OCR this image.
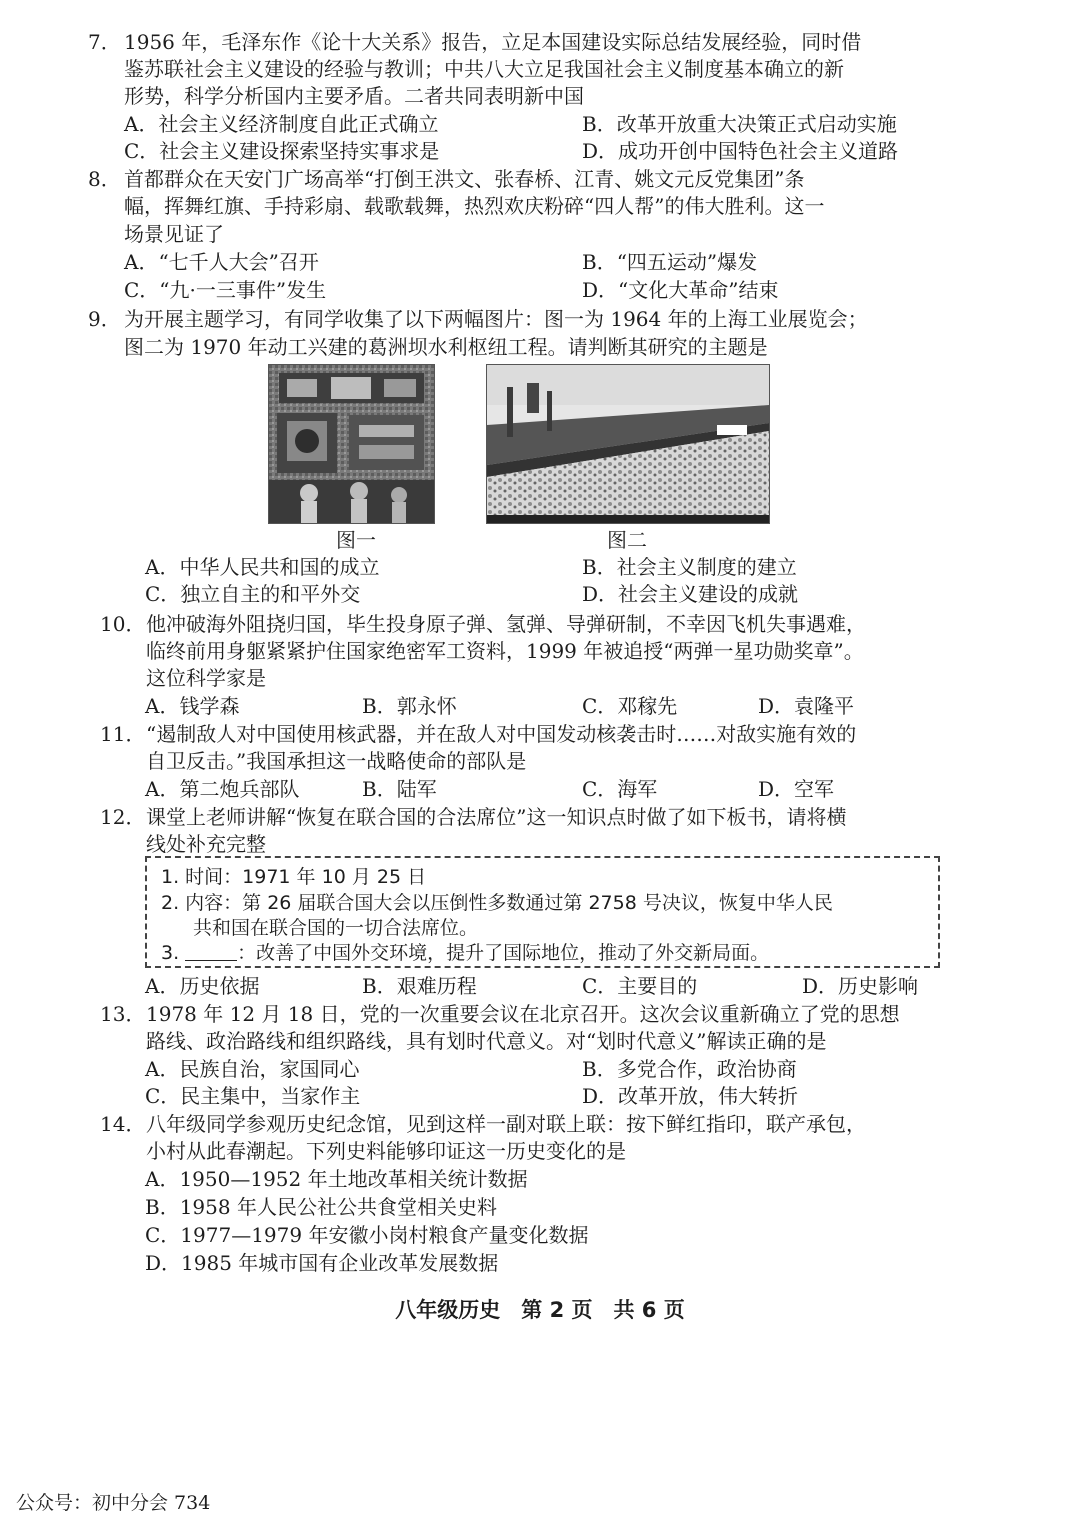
7． 1956 年，毛泽东作《论十大关系》报告，立足本国建设实际总结发展经验，同时借
鉴苏联社会主义建设的经验与教训；中共八大立足我国社会主义制度基本确立的新
形势，科学分析国内主要矛盾。二者共同表明新中国
A．社会主义经济制度自此正式确立	B．改革开放重大决策正式启动实施
C．社会主义建设探索坚持实事求是	D．成功开创中国特色社会主义道路
8． 首都群众在天安门广场高举“打倒王洪文、张春桥、江青、姚文元反党集团”条
幅，挥舞红旗、手持彩扇、载歌载舞，热烈欢庆粉碎“四人帮”的伟大胜利。这一
场景见证了
A．“七千人大会”召开	B．“四五运动”爆发
C．“九·一三事件”发生	D．“文化大革命”结束
9． 为开展主题学习，有同学收集了以下两幅图片：图一为 1964 年的上海工业展览会；
图二为 1970 年动工兴建的葛洲坝水利枢纽工程。请判断其研究的主题是
图一	图二
A．中华人民共和国的成立	B．社会主义制度的建立
C．独立自主的和平外交	D．社会主义建设的成就
10． 他冲破海外阻挠归国，毕生投身原子弹、氢弹、导弹研制，不幸因飞机失事遇难，
临终前用身躯紧紧护住国家绝密军工资料，1999 年被追授“两弹一星功勋奖章”。
这位科学家是
A．钱学森	B．郭永怀	C．邓稼先	D．袁隆平
11． “遏制敌人对中国使用核武器，并在敌人对中国发动核袭击时……对敌实施有效的
自卫反击。”我国承担这一战略使命的部队是
A．第二炮兵部队	B．陆军	C．海军	D．空军
12． 课堂上老师讲解“恢复在联合国的合法席位”这一知识点时做了如下板书，请将横
线处补充完整
1. 时间：1971 年 10 月 25 日
2. 内容：第 26 届联合国大会以压倒性多数通过第 2758 号决议，恢复中华人民
共和国在联合国的一切合法席位。
3.	：改善了中国外交环境，提升了国际地位，推动了外交新局面。
A．历史依据	B．艰难历程	C．主要目的	D．历史影响
13． 1978 年 12 月 18 日，党的一次重要会议在北京召开。这次会议重新确立了党的思想
路线、政治路线和组织路线，具有划时代意义。对“划时代意义”解读正确的是
A．民族自治，家国同心	B．多党合作，政治协商
C．民主集中，当家作主	D．改革开放，伟大转折
14． 八年级同学参观历史纪念馆，见到这样一副对联上联：按下鲜红指印，联产承包，
小村从此春潮起。下列史料能够印证这一历史变化的是
A．1950—1952 年土地改革相关统计数据
B．1958 年人民公社公共食堂相关史料
C．1977—1979 年安徽小岗村粮食产量变化数据
D．1985 年城市国有企业改革发展数据
八年级历史　第 2 页　共 6 页
公众号：初中分会 734
